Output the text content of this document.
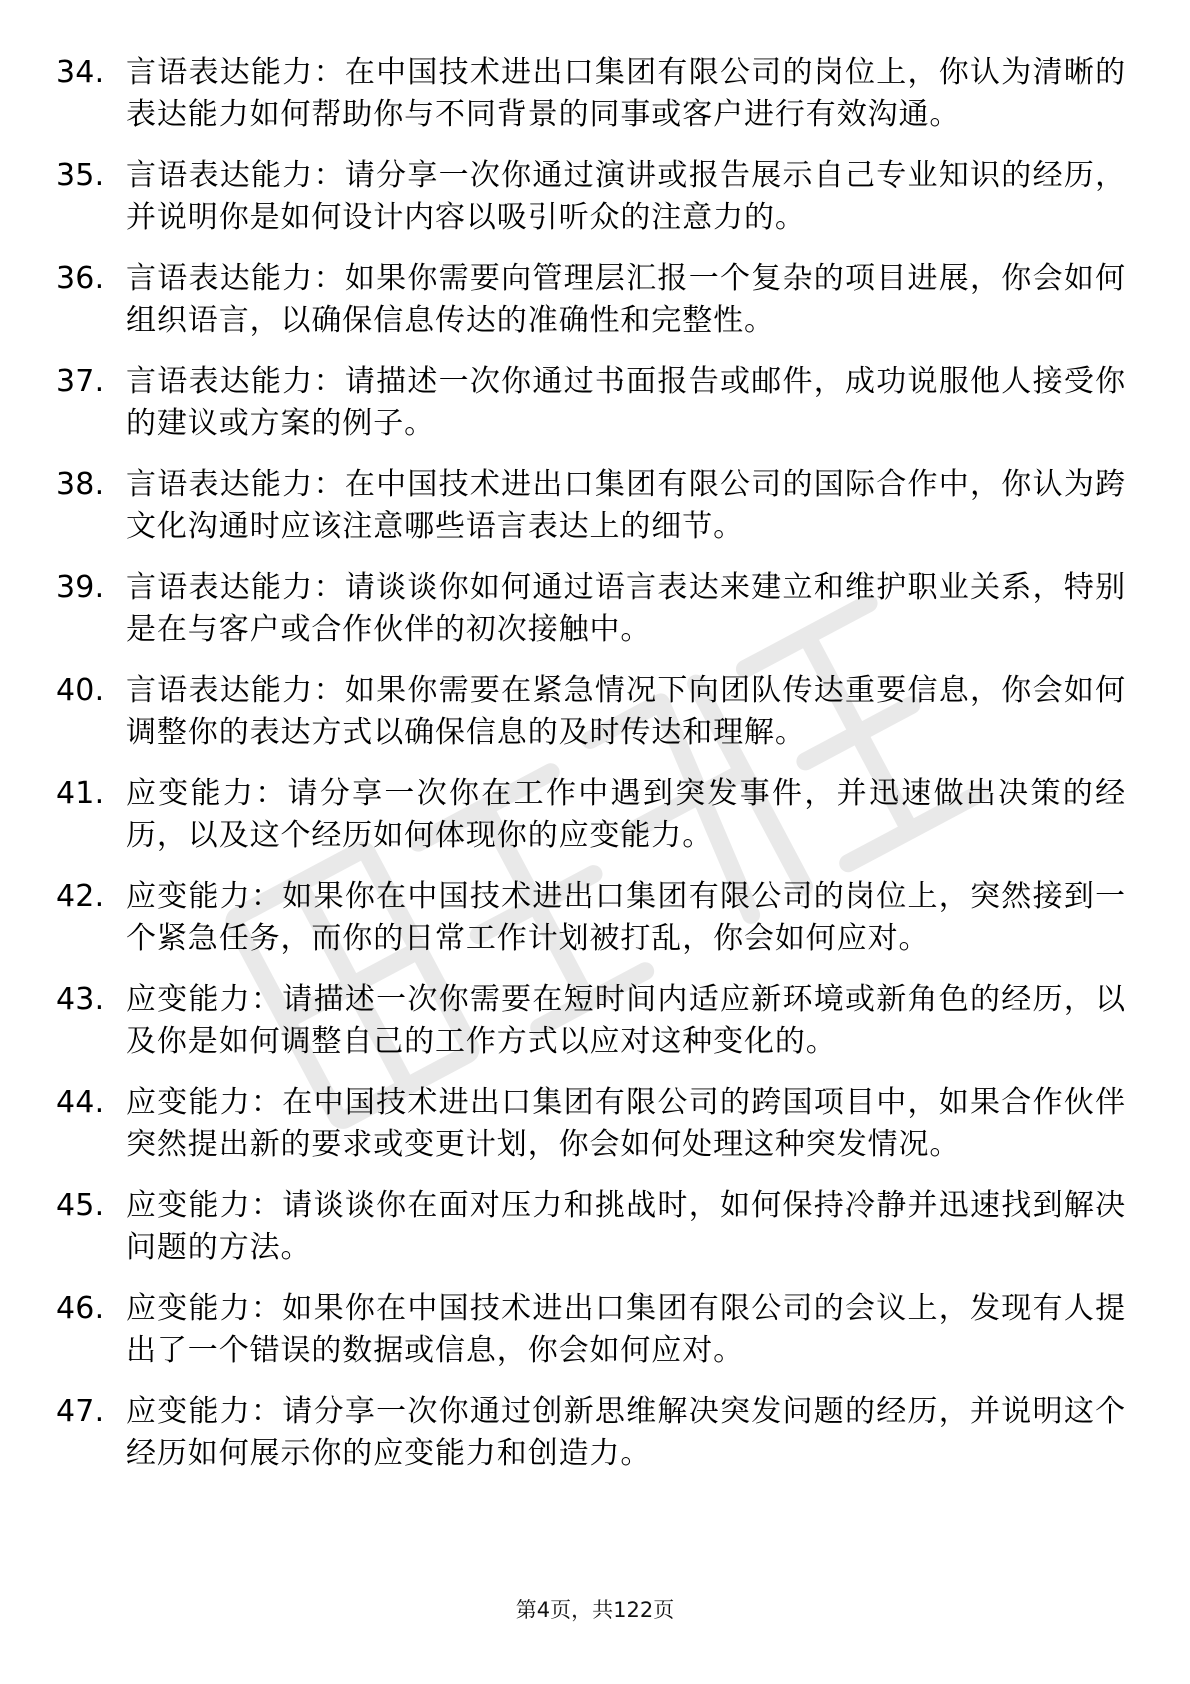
34. 言语表达能力：在中国技术进出口集团有限公司的岗位上，你认为清晰的表达能力如何帮助你与不同背景的同事或客户进行有效沟通。
35. 言语表达能力：请分享一次你通过演讲或报告展示自己专业知识的经历，并说明你是如何设计内容以吸引听众的注意力的。
36. 言语表达能力：如果你需要向管理层汇报一个复杂的项目进展，你会如何组织语言，以确保信息传达的准确性和完整性。
37. 言语表达能力：请描述一次你通过书面报告或邮件，成功说服他人接受你的建议或方案的例子。
38. 言语表达能力：在中国技术进出口集团有限公司的国际合作中，你认为跨文化沟通时应该注意哪些语言表达上的细节。
39. 言语表达能力：请谈谈你如何通过语言表达来建立和维护职业关系，特别是在与客户或合作伙伴的初次接触中。
40. 言语表达能力：如果你需要在紧急情况下向团队传达重要信息，你会如何调整你的表达方式以确保信息的及时传达和理解。
41. 应变能力：请分享一次你在工作中遇到突发事件，并迅速做出决策的经历，以及这个经历如何体现你的应变能力。
42. 应变能力：如果你在中国技术进出口集团有限公司的岗位上，突然接到一个紧急任务，而你的日常工作计划被打乱，你会如何应对。
43. 应变能力：请描述一次你需要在短时间内适应新环境或新角色的经历，以及你是如何调整自己的工作方式以应对这种变化的。
44. 应变能力：在中国技术进出口集团有限公司的跨国项目中，如果合作伙伴突然提出新的要求或变更计划，你会如何处理这种突发情况。
45. 应变能力：请谈谈你在面对压力和挑战时，如何保持冷静并迅速找到解决问题的方法。
46. 应变能力：如果你在中国技术进出口集团有限公司的会议上，发现有人提出了一个错误的数据或信息，你会如何应对。
47. 应变能力：请分享一次你通过创新思维解决突发问题的经历，并说明这个经历如何展示你的应变能力和创造力。
第4页，共122页
